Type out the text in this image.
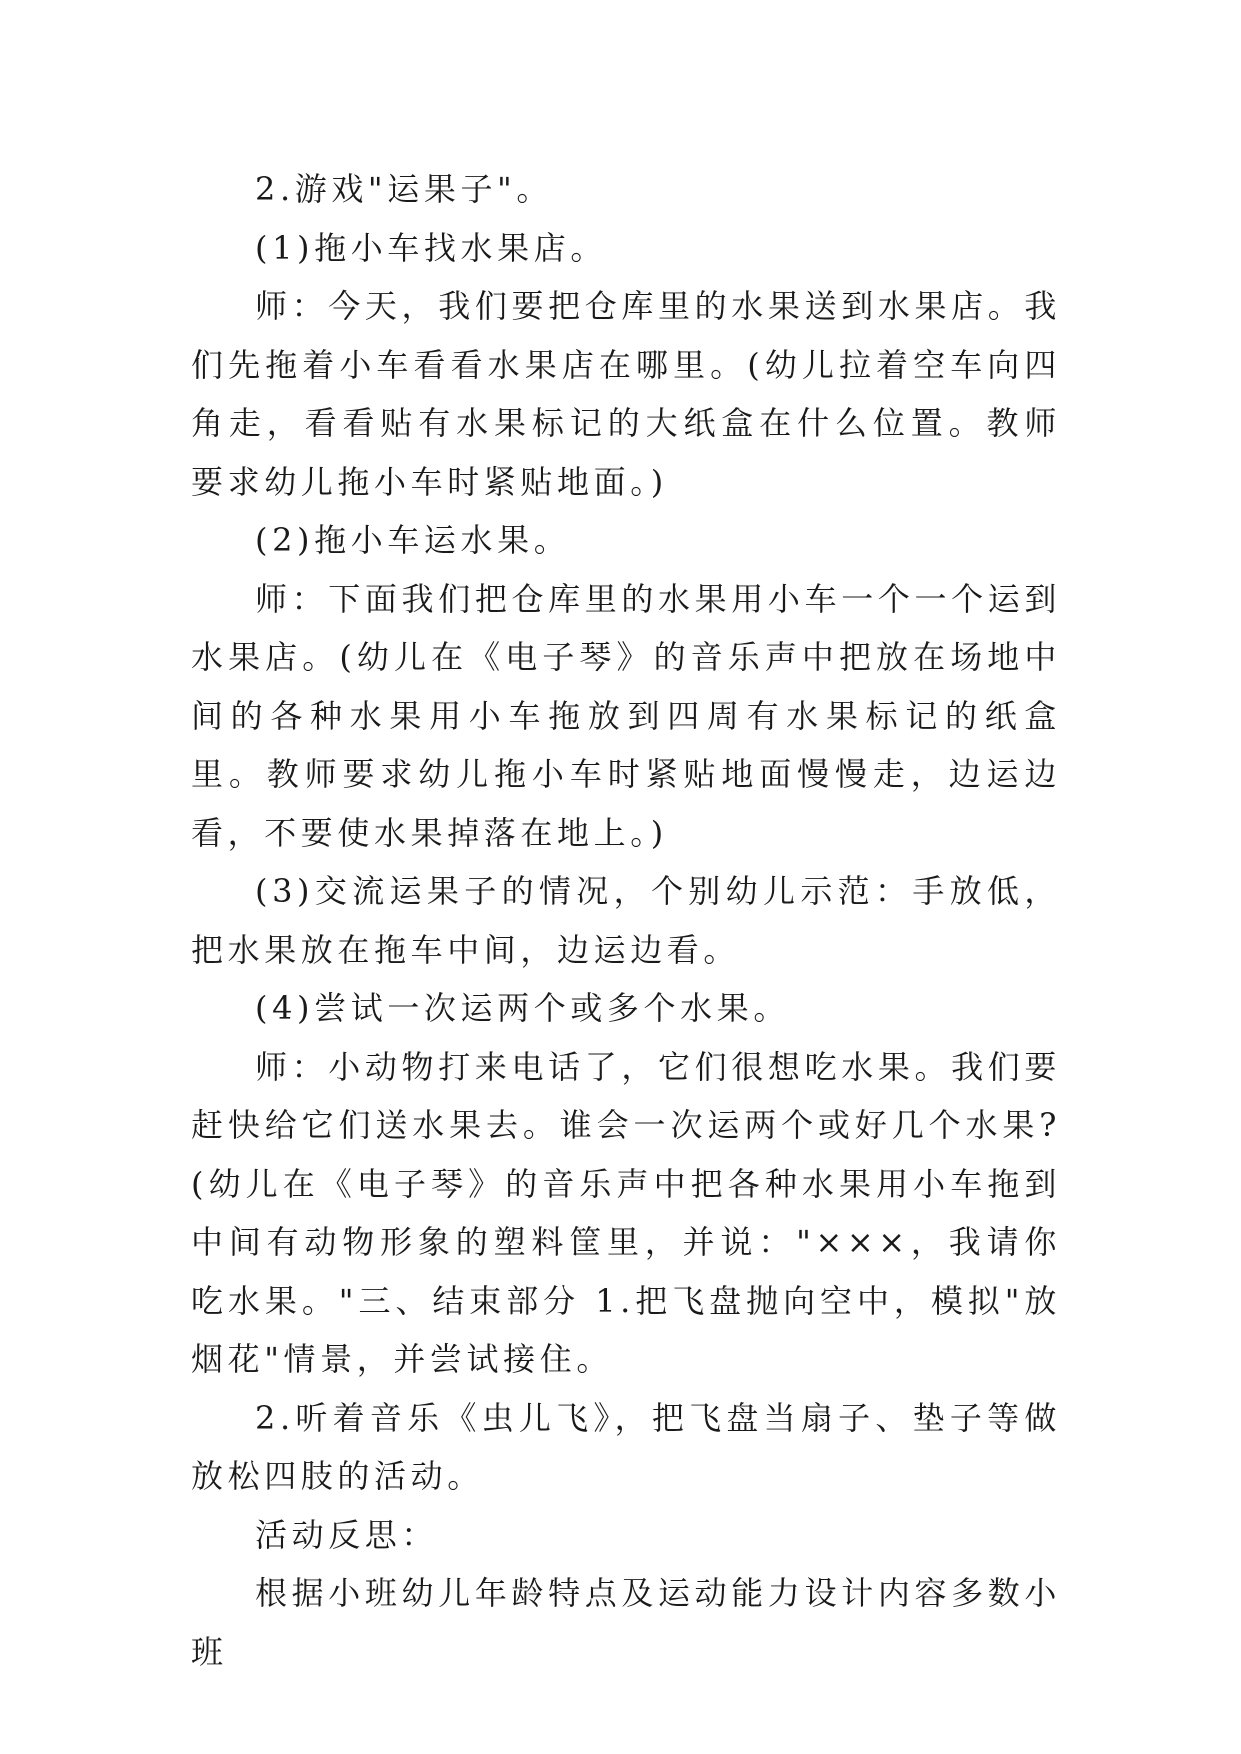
2.游戏"运果子"。

(1)拖小车找水果店。

师：今天，我们要把仓库里的水果送到水果店。我们先拖着小车看看水果店在哪里。(幼儿拉着空车向四角走，看看贴有水果标记的大纸盒在什么位置。教师要求幼儿拖小车时紧贴地面。)

(2)拖小车运水果。

师：下面我们把仓库里的水果用小车一个一个运到水果店。(幼儿在《电子琴》的音乐声中把放在场地中间的各种水果用小车拖放到四周有水果标记的纸盒里。教师要求幼儿拖小车时紧贴地面慢慢走，边运边看，不要使水果掉落在地上。)

(3)交流运果子的情况，个别幼儿示范：手放低，把水果放在拖车中间，边运边看。

(4)尝试一次运两个或多个水果。

师：小动物打来电话了，它们很想吃水果。我们要赶快给它们送水果去。谁会一次运两个或好几个水果?(幼儿在《电子琴》的音乐声中把各种水果用小车拖到中间有动物形象的塑料筐里，并说："×××，我请你吃水果。"三、结束部分 1.把飞盘抛向空中，模拟"放烟花"情景，并尝试接住。

2.听着音乐《虫儿飞》，把飞盘当扇子、垫子等做放松四肢的活动。

活动反思：

根据小班幼儿年龄特点及运动能力设计内容多数小班
